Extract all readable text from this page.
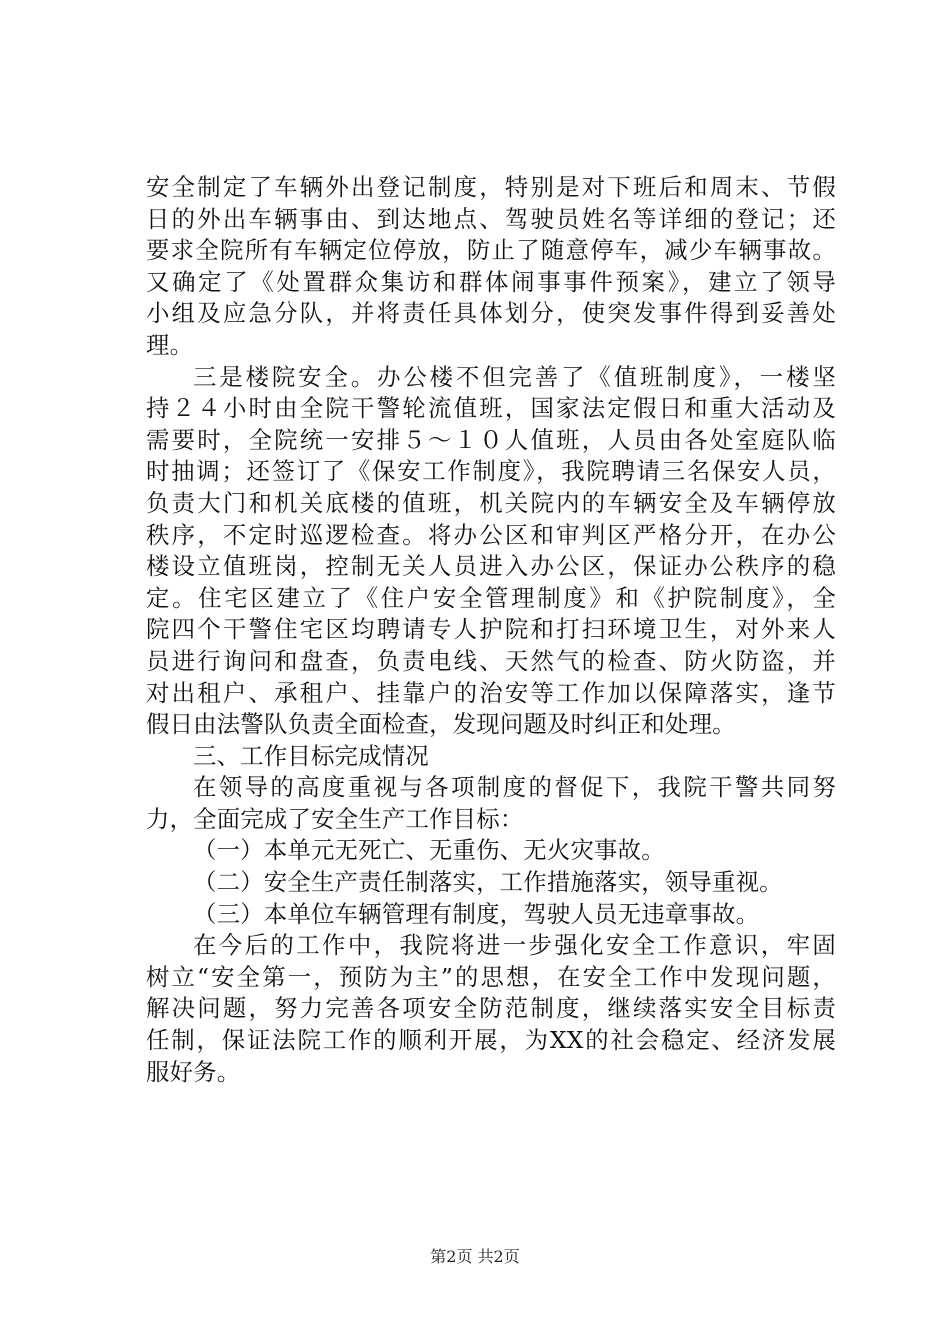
安全制定了车辆外出登记制度，特别是对下班后和周末、节假
日的外出车辆事由、到达地点、驾驶员姓名等详细的登记；还
要求全院所有车辆定位停放，防止了随意停车，减少车辆事故。
又确定了《处置群众集访和群体闹事事件预案》，建立了领导
小组及应急分队，并将责任具体划分，使突发事件得到妥善处
理。
三是楼院安全。办公楼不但完善了《值班制度》，一楼坚
持２４小时由全院干警轮流值班，国家法定假日和重大活动及
需要时，全院统一安排５～１０人值班，人员由各处室庭队临
时抽调；还签订了《保安工作制度》，我院聘请三名保安人员，
负责大门和机关底楼的值班，机关院内的车辆安全及车辆停放
秩序，不定时巡逻检查。将办公区和审判区严格分开，在办公
楼设立值班岗，控制无关人员进入办公区，保证办公秩序的稳
定。住宅区建立了《住户安全管理制度》和《护院制度》，全
院四个干警住宅区均聘请专人护院和打扫环境卫生，对外来人
员进行询问和盘查，负责电线、天然气的检查、防火防盗，并
对出租户、承租户、挂靠户的治安等工作加以保障落实，逢节
假日由法警队负责全面检查，发现问题及时纠正和处理。
三、工作目标完成情况
在领导的高度重视与各项制度的督促下，我院干警共同努
力，全面完成了安全生产工作目标：
（一）本单元无死亡、无重伤、无火灾事故。
（二）安全生产责任制落实，工作措施落实，领导重视。
（三）本单位车辆管理有制度，驾驶人员无违章事故。
在今后的工作中，我院将进一步强化安全工作意识，牢固
树立“安全第一，预防为主”的思想，在安全工作中发现问题，
解决问题，努力完善各项安全防范制度，继续落实安全目标责
任制，保证法院工作的顺利开展，为XX的社会稳定、经济发展
服好务。
第2页 共2页
